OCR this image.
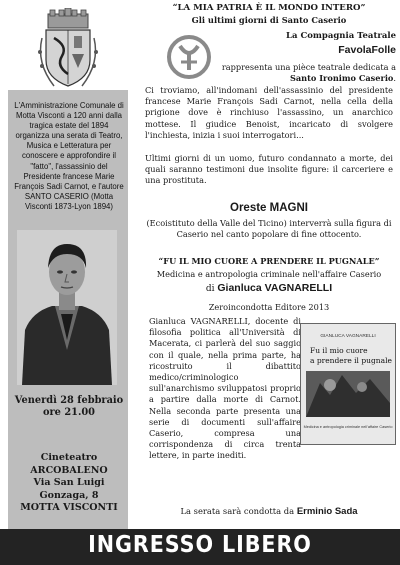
L'Amministrazione Comunale di Motta Visconti a 120 anni dalla tragica estate del 1894 organizza una serata di Teatro, Musica e Letteratura per conoscere e approfondire il "fatto", l'assassinio del Presidente francese Marie François Sadi Carnot, e l'autore SANTO CASERIO (Motta Visconti 1873-Lyon 1894)
Venerdì 28 febbraio
ore 21.00
Cineteatro
ARCOBALENO
Via San Luigi Gonzaga, 8
MOTTA VISCONTI
“LA MIA PATRIA È IL MONDO INTERO”
Gli ultimi giorni di Santo Caserio
La Compagnia Teatrale
FavolaFolle
rappresenta una pièce teatrale dedicata a Santo Ironimo Caserio.
Ci troviamo, all'indomani dell'assassinio del presidente francese Marie François Sadi Carnot, nella cella della prigione dove è rinchiuso l'assassino, un anarchico mottese. Il giudice Benoist, incaricato di svolgere l'inchiesta, inizia i suoi interrogatori...
Ultimi giorni di un uomo, futuro condannato a morte, dei quali saranno testimoni due insolite figure: il carceriere e una prostituta.
Oreste MAGNI
(Ecoistituto della Valle del Ticino) interverrà sulla figura di Caserio nel canto popolare di fine ottocento.
“FU IL MIO CUORE A PRENDERE IL PUGNALE”
Medicina e antropologia criminale nell'affaire Caserio
di Gianluca VAGNARELLI
Zeroincondotta Editore 2013
Gianluca VAGNARELLI, docente di filosofia politica all'Università di Macerata, ci parlerà del suo saggio con il quale, nella prima parte, ha ricostruito il dibattito medico/criminologico sull'anarchismo sviluppatosi proprio a partire dalla morte di Carnot. Nella seconda parte presenta una serie di documenti sull'affaire Caserio, compresa una corrispondenza di circa trenta lettere, in parte inediti.
GIANLUCA VAGNARELLI
Fu il mio cuore
a prendere il pugnale
Medicina e antropologia criminale nell'affaire Caserio
La serata sarà condotta da Erminio Sada
INGRESSO LIBERO
